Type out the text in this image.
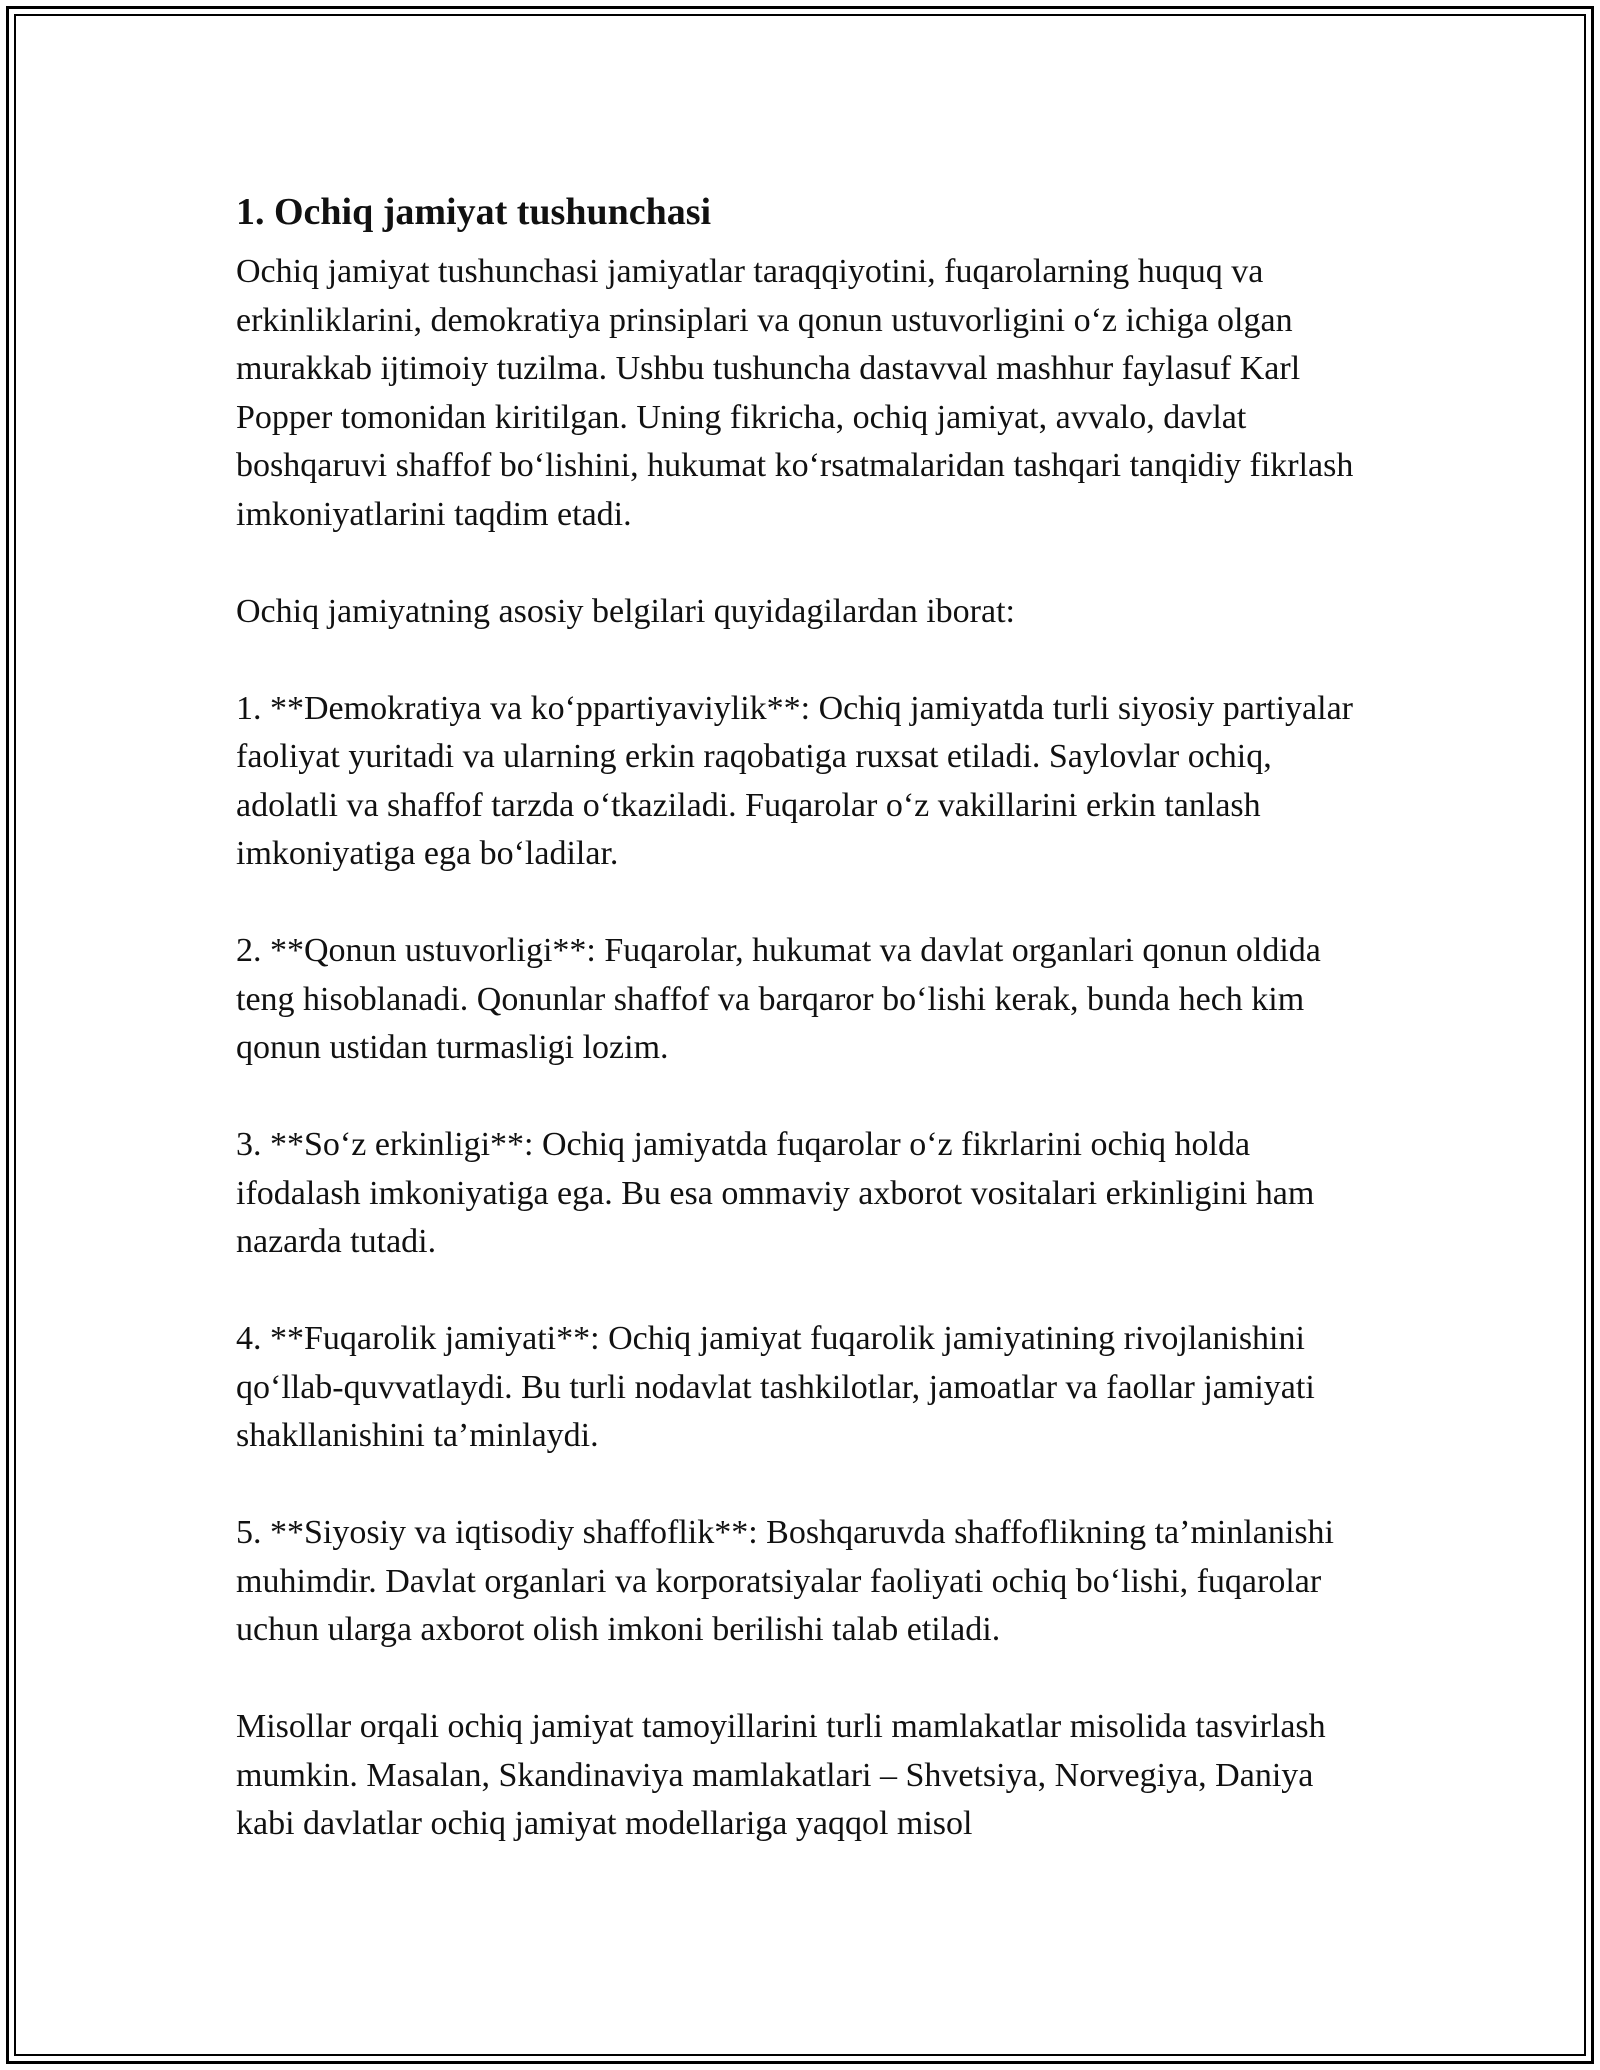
1. Ochiq jamiyat tushunchasi

Ochiq jamiyat tushunchasi jamiyatlar taraqqiyotini, fuqarolarning huquq va erkinliklarini, demokratiya prinsiplari va qonun ustuvorligini o‘z ichiga olgan murakkab ijtimoiy tuzilma. Ushbu tushuncha dastavval mashhur faylasuf Karl Popper tomonidan kiritilgan. Uning fikricha, ochiq jamiyat, avvalo, davlat boshqaruvi shaffof bo‘lishini, hukumat ko‘rsatmalaridan tashqari tanqidiy fikrlash imkoniyatlarini taqdim etadi.

Ochiq jamiyatning asosiy belgilari quyidagilardan iborat:

1. **Demokratiya va ko‘ppartiyaviylik**: Ochiq jamiyatda turli siyosiy partiyalar faoliyat yuritadi va ularning erkin raqobatiga ruxsat etiladi. Saylovlar ochiq, adolatli va shaffof tarzda o‘tkaziladi. Fuqarolar o‘z vakillarini erkin tanlash imkoniyatiga ega bo‘ladilar.

2. **Qonun ustuvorligi**: Fuqarolar, hukumat va davlat organlari qonun oldida teng hisoblanadi. Qonunlar shaffof va barqaror bo‘lishi kerak, bunda hech kim qonun ustidan turmasligi lozim.

3. **So‘z erkinligi**: Ochiq jamiyatda fuqarolar o‘z fikrlarini ochiq holda ifodalash imkoniyatiga ega. Bu esa ommaviy axborot vositalari erkinligini ham nazarda tutadi.

4. **Fuqarolik jamiyati**: Ochiq jamiyat fuqarolik jamiyatining rivojlanishini qo‘llab-quvvatlaydi. Bu turli nodavlat tashkilotlar, jamoatlar va faollar jamiyati shakllanishini ta’minlaydi.

5. **Siyosiy va iqtisodiy shaffoflik**: Boshqaruvda shaffoflikning ta’minlanishi muhimdir. Davlat organlari va korporatsiyalar faoliyati ochiq bo‘lishi, fuqarolar uchun ularga axborot olish imkoni berilishi talab etiladi.

Misollar orqali ochiq jamiyat tamoyillarini turli mamlakatlar misolida tasvirlash mumkin. Masalan, Skandinaviya mamlakatlari – Shvetsiya, Norvegiya, Daniya kabi davlatlar ochiq jamiyat modellariga yaqqol misol
